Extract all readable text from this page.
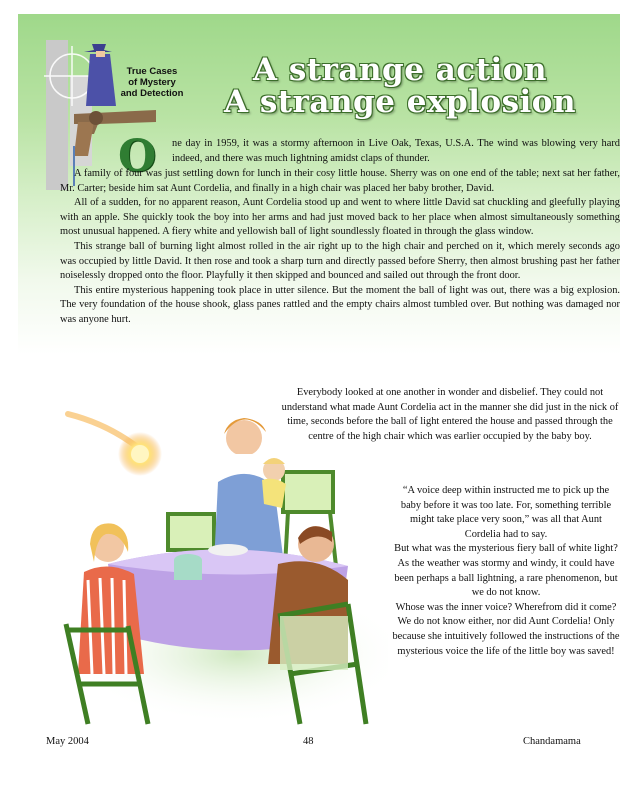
True Cases
of Mystery
and Detection
A strange action
A strange explosion
O	ne day in 1959, it was a stormy afternoon in Live Oak, Texas, U.S.A. The wind was blowing very hard indeed, and there was much lightning amidst claps of thunder.

A family of four was just settling down for lunch in their cosy little house. Sherry was on one end of the table; next sat her father, Mr. Carter; beside him sat Aunt Cordelia, and finally in a high chair was placed her baby brother, David.

All of a sudden, for no apparent reason, Aunt Cordelia stood up and went to where little David sat chuckling and gleefully playing with an apple. She quickly took the boy into her arms and had just moved back to her place when almost simultaneously something most unusual happened. A fiery white and yellowish ball of light soundlessly floated in through the glass window.

This strange ball of burning light almost rolled in the air right up to the high chair and perched on it, which merely seconds ago was occupied by little David. It then rose and took a sharp turn and directly passed before Sherry, then almost brushing past her father noiselessly dropped onto the floor. Playfully it then skipped and bounced and sailed out through the front door.

This entire mysterious happening took place in utter silence. But the moment the ball of light was out, there was a big explosion. The very foundation of the house shook, glass panes rattled and the empty chairs almost tumbled over. But nothing was damaged nor was anyone hurt.

Everybody looked at one another in wonder and disbelief. They could not understand what made Aunt Cordelia act in the manner she did just in the nick of time, seconds before the ball of light entered the house and passed through the centre of the high chair which was earlier occupied by the baby boy.

“A voice deep within instructed me to pick up the baby before it was too late. For, something terrible might take place very soon,” was all that Aunt Cordelia had to say.

But what was the mysterious fiery ball of white light? As the weather was stormy and windy, it could have been perhaps a ball lightning, a rare phenomenon, but we do not know.

Whose was the inner voice? Wherefrom did it come? We do not know either, nor did Aunt Cordelia! Only because she intuitively followed the instructions of the mysterious voice the life of the little boy was saved!

May 2004	48	Chandamama
